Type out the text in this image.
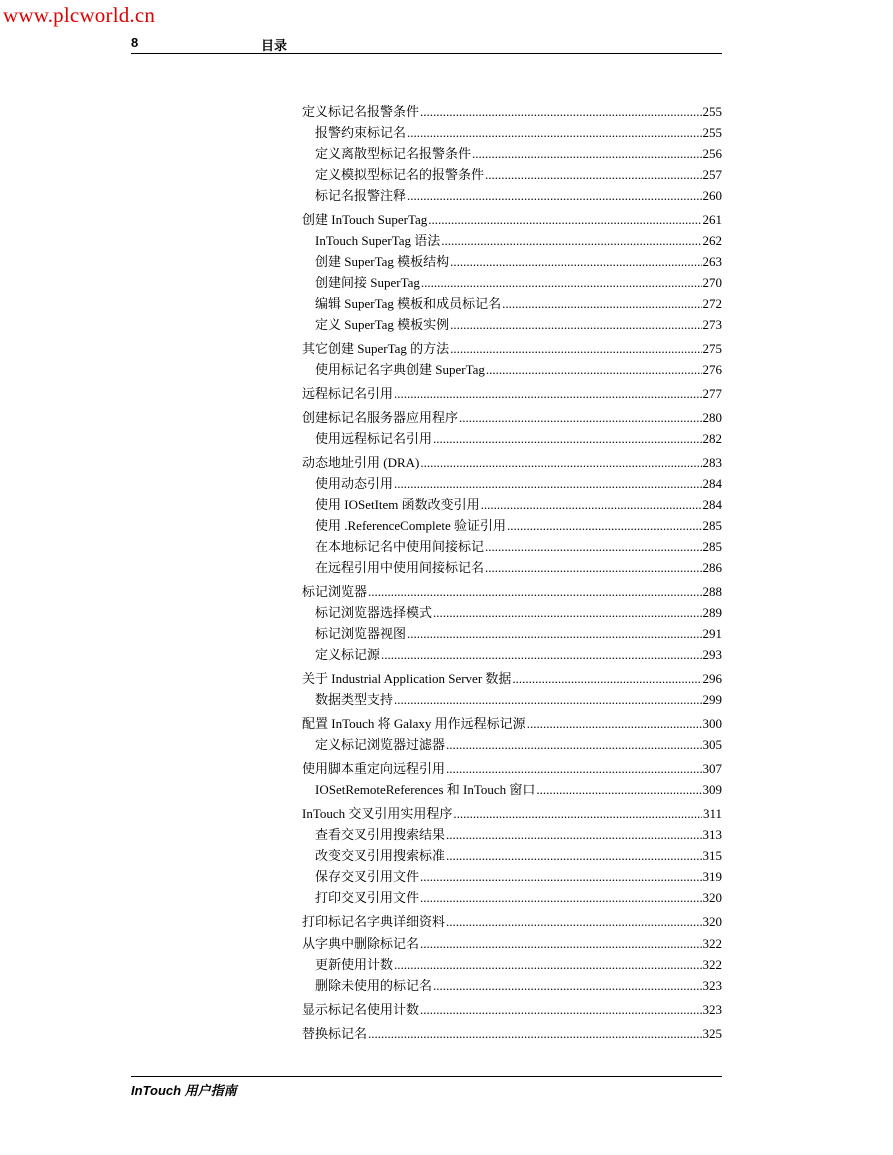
www.plcworld.cn
8	目录
定义标记名报警条件 .....	255
报警约束标记名 .....	255
定义离散型标记名报警条件 .....	256
定义模拟型标记名的报警条件 .....	257
标记名报警注释 .....	260
创建 InTouch SuperTag .....	261
InTouch SuperTag 语法 .....	262
创建 SuperTag 模板结构 .....	263
创建间接 SuperTag .....	270
编辑 SuperTag 模板和成员标记名 .....	272
定义 SuperTag 模板实例 .....	273
其它创建 SuperTag 的方法 .....	275
使用标记名字典创建 SuperTag .....	276
远程标记名引用 .....	277
创建标记名服务器应用程序 .....	280
使用远程标记名引用 .....	282
动态地址引用 (DRA) .....	283
使用动态引用 .....	284
使用 IOSetItem 函数改变引用 .....	284
使用 .ReferenceComplete 验证引用 .....	285
在本地标记名中使用间接标记 .....	285
在远程引用中使用间接标记名 .....	286
标记浏览器 .....	288
标记浏览器选择模式 .....	289
标记浏览器视图 .....	291
定义标记源 .....	293
关于 Industrial Application Server 数据 .....	296
数据类型支持 .....	299
配置 InTouch 将 Galaxy 用作远程标记源 .....	300
定义标记浏览器过滤器 .....	305
使用脚本重定向远程引用 .....	307
IOSetRemoteReferences 和 InTouch 窗口 .....	309
InTouch 交叉引用实用程序 .....	311
查看交叉引用搜索结果 .....	313
改变交叉引用搜索标准 .....	315
保存交叉引用文件 .....	319
打印交叉引用文件 .....	320
打印标记名字典详细资料 .....	320
从字典中删除标记名 .....	322
更新使用计数 .....	322
删除未使用的标记名 .....	323
显示标记名使用计数 .....	323
替换标记名 .....	325
InTouch 用户指南
